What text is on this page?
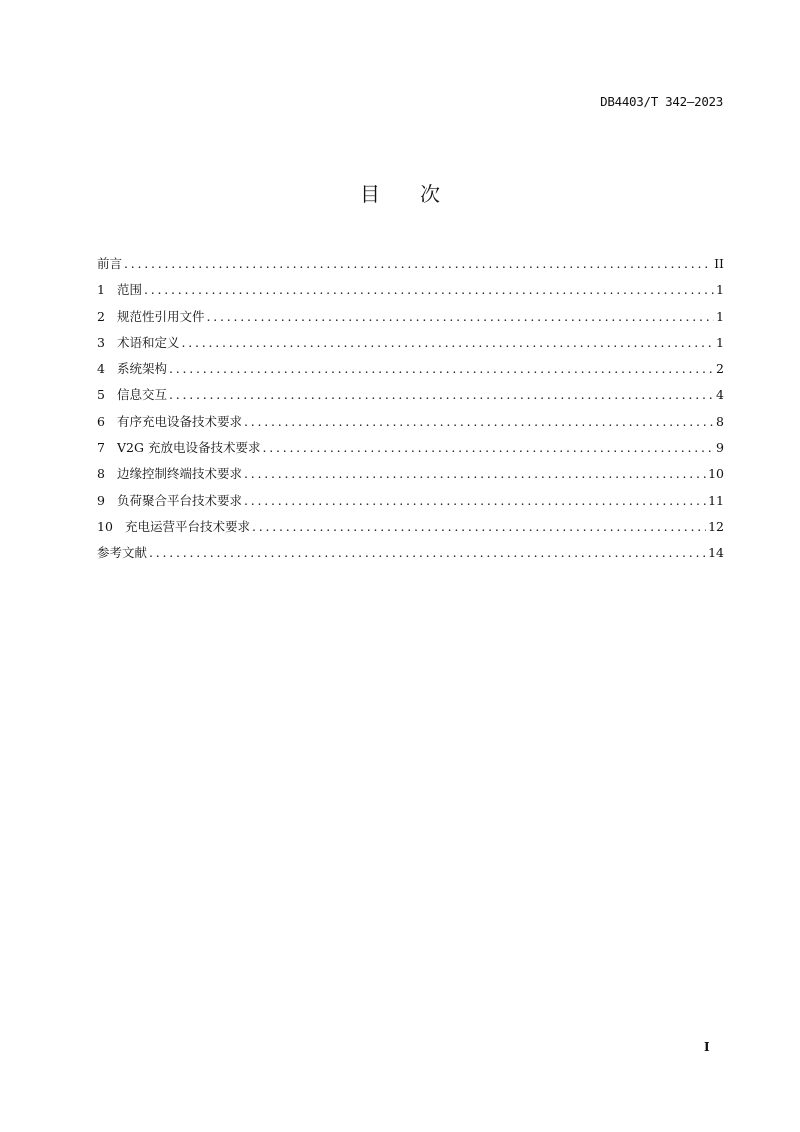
DB4403/T 342—2023
目 次
前言 . . .	II
1 范围 . . .	1
2 规范性引用文件 . . .	1
3 术语和定义 . . .	1
4 系统架构 . . .	2
5 信息交互 . . .	4
6 有序充电设备技术要求 . . .	8
7 V2G 充放电设备技术要求 . . .	9
8 边缘控制终端技术要求 . . .	10
9 负荷聚合平台技术要求 . . .	11
10 充电运营平台技术要求 . . .	12
参考文献 . . .	14
I
